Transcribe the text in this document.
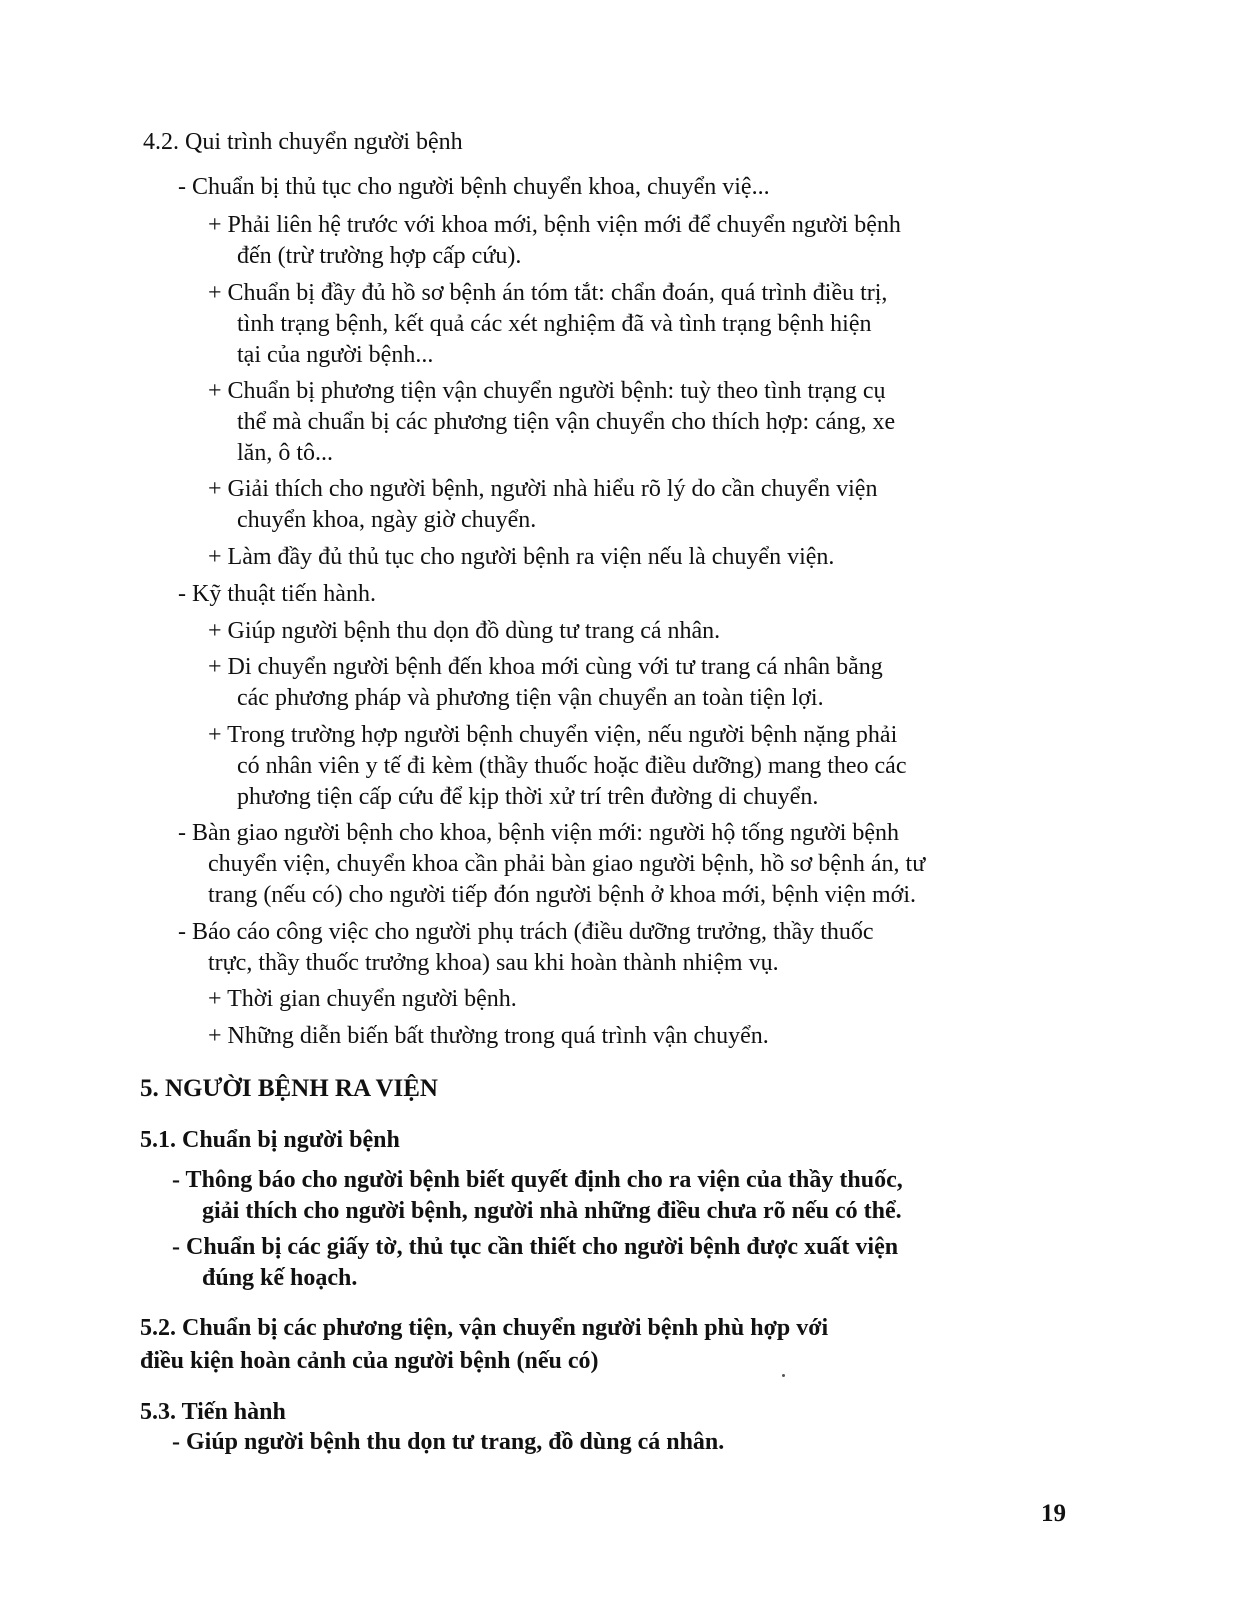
4.2. Qui trình chuyển người bệnh
- Chuẩn bị thủ tục cho người bệnh chuyển khoa, chuyển việ...
+ Phải liên hệ trước với khoa mới, bệnh viện mới để chuyển người bệnh
đến (trừ trường hợp cấp cứu).
+ Chuẩn bị đầy đủ hồ sơ bệnh án tóm tắt: chẩn đoán, quá trình điều trị,
tình trạng bệnh, kết quả các xét nghiệm đã và tình trạng bệnh hiện
tại của người bệnh...
+ Chuẩn bị phương tiện vận chuyển người bệnh: tuỳ theo tình trạng cụ
thể mà chuẩn bị các phương tiện vận chuyển cho thích hợp: cáng, xe
lăn, ô tô...
+ Giải thích cho người bệnh, người nhà hiểu rõ lý do cần chuyển viện
chuyển khoa, ngày giờ chuyển.
+ Làm đầy đủ thủ tục cho người bệnh ra viện nếu là chuyển viện.
- Kỹ thuật tiến hành.
+ Giúp người bệnh thu dọn đồ dùng tư trang cá nhân.
+ Di chuyển người bệnh đến khoa mới cùng với tư trang cá nhân bằng
các phương pháp và phương tiện vận chuyển an toàn tiện lợi.
+ Trong trường hợp người bệnh chuyển viện, nếu người bệnh nặng phải
có nhân viên y tế đi kèm (thầy thuốc hoặc điều dưỡng) mang theo các
phương tiện cấp cứu để kịp thời xử trí trên đường di chuyển.
- Bàn giao người bệnh cho khoa, bệnh viện mới: người hộ tống người bệnh
chuyển viện, chuyển khoa cần phải bàn giao người bệnh, hồ sơ bệnh án, tư
trang (nếu có) cho người tiếp đón người bệnh ở khoa mới, bệnh viện mới.
- Báo cáo công việc cho người phụ trách (điều dưỡng trưởng, thầy thuốc
trực, thầy thuốc trưởng khoa) sau khi hoàn thành nhiệm vụ.
+ Thời gian chuyển người bệnh.
+ Những diễn biến bất thường trong quá trình vận chuyển.
5. NGƯỜI BỆNH RA VIỆN
5.1. Chuẩn bị người bệnh
- Thông báo cho người bệnh biết quyết định cho ra viện của thầy thuốc,
giải thích cho người bệnh, người nhà những điều chưa rõ nếu có thể.
- Chuẩn bị các giấy tờ, thủ tục cần thiết cho người bệnh được xuất viện
đúng kế hoạch.
5.2. Chuẩn bị các phương tiện, vận chuyển người bệnh phù hợp với
điều kiện hoàn cảnh của người bệnh (nếu có)
5.3. Tiến hành
- Giúp người bệnh thu dọn tư trang, đồ dùng cá nhân.
19
